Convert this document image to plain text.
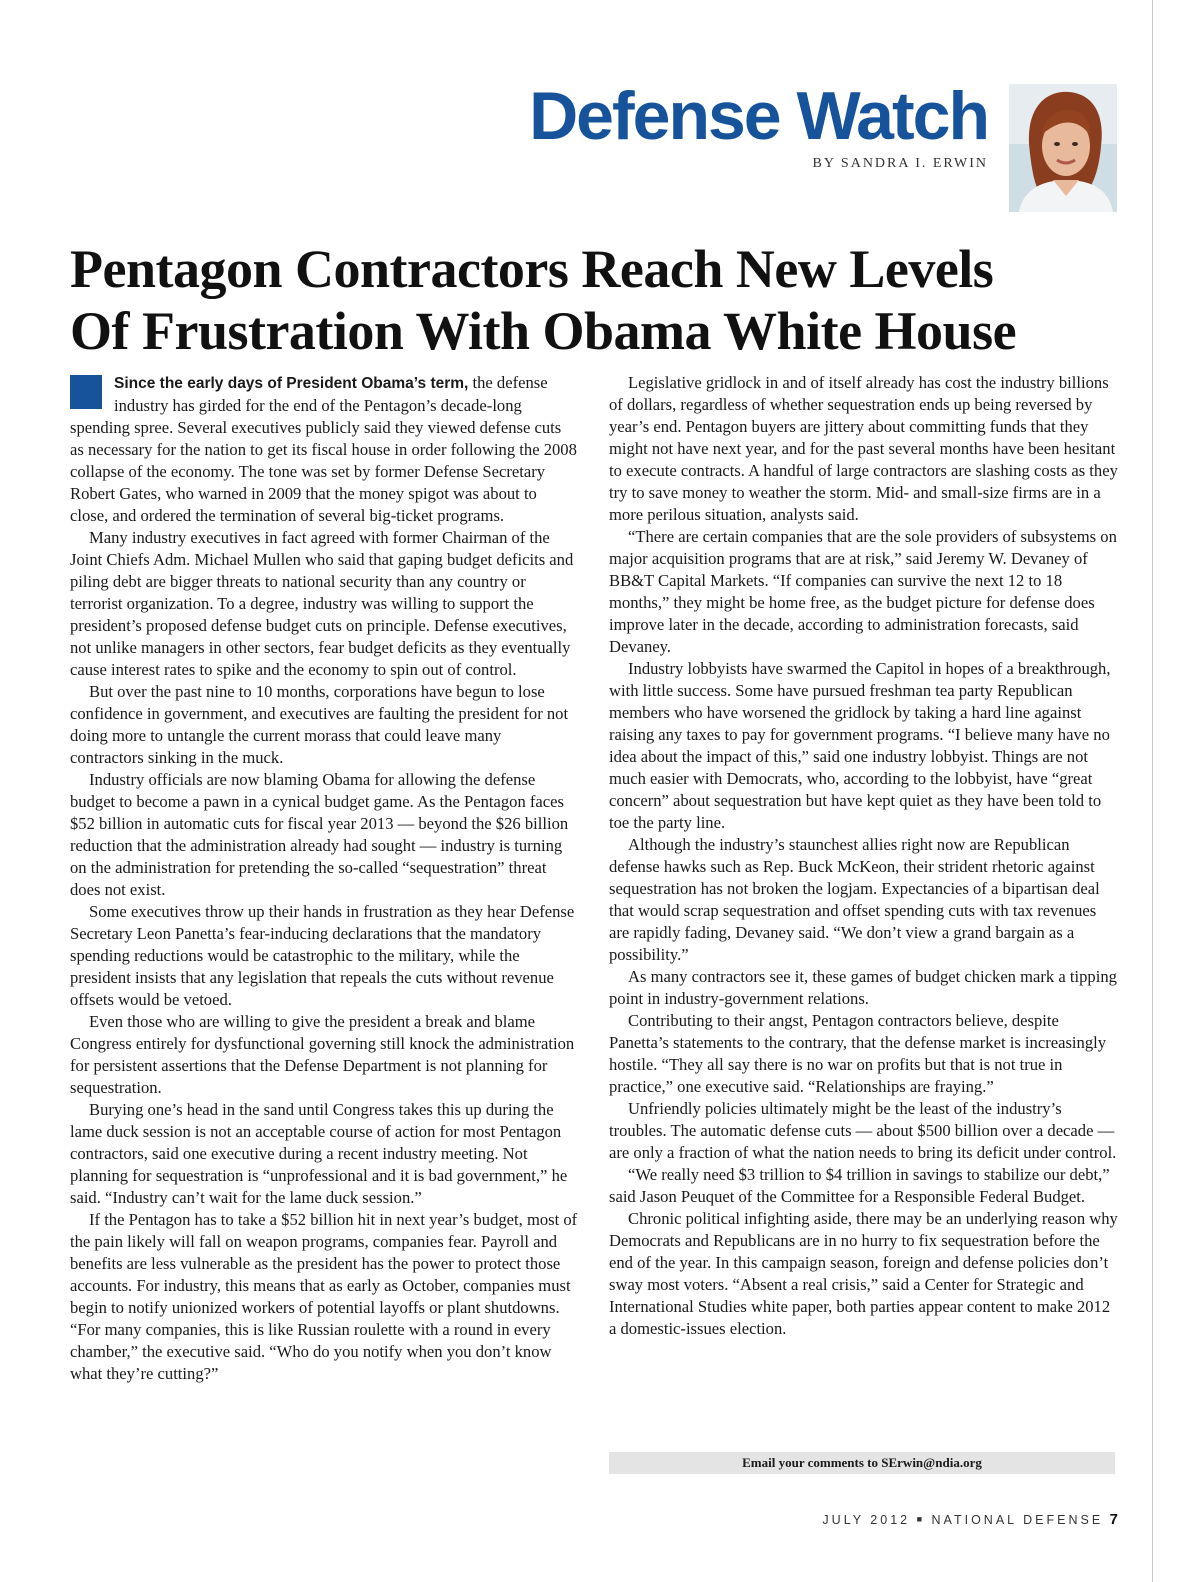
Defense Watch
BY SANDRA I. ERWIN
Pentagon Contractors Reach New Levels
Of Frustration With Obama White House

Since the early days of President Obama’s term, the defense industry has girded for the end of the Pentagon’s decade-long spending spree. Several executives publicly said they viewed defense cuts as necessary for the nation to get its fiscal house in order following the 2008 collapse of the economy. The tone was set by former Defense Secretary Robert Gates, who warned in 2009 that the money spigot was about to close, and ordered the termination of several big-ticket programs.

Many industry executives in fact agreed with former Chairman of the Joint Chiefs Adm. Michael Mullen who said that gaping budget deficits and piling debt are bigger threats to national security than any country or terrorist organization. To a degree, industry was willing to support the president’s proposed defense budget cuts on principle. Defense executives, not unlike managers in other sectors, fear budget deficits as they eventually cause interest rates to spike and the economy to spin out of control.

But over the past nine to 10 months, corporations have begun to lose confidence in government, and executives are faulting the president for not doing more to untangle the current morass that could leave many contractors sinking in the muck.

Industry officials are now blaming Obama for allowing the defense budget to become a pawn in a cynical budget game. As the Pentagon faces $52 billion in automatic cuts for fiscal year 2013 — beyond the $26 billion reduction that the administration already had sought — industry is turning on the administration for pretending the so-called “sequestration” threat does not exist.

Some executives throw up their hands in frustration as they hear Defense Secretary Leon Panetta’s fear-inducing declarations that the mandatory spending reductions would be catastrophic to the military, while the president insists that any legislation that repeals the cuts without revenue offsets would be vetoed.

Even those who are willing to give the president a break and blame Congress entirely for dysfunctional governing still knock the administration for persistent assertions that the Defense Department is not planning for sequestration.

Burying one’s head in the sand until Congress takes this up during the lame duck session is not an acceptable course of action for most Pentagon contractors, said one executive during a recent industry meeting. Not planning for sequestration is “unprofessional and it is bad government,” he said. “Industry can’t wait for the lame duck session.”

If the Pentagon has to take a $52 billion hit in next year’s budget, most of the pain likely will fall on weapon programs, companies fear. Payroll and benefits are less vulnerable as the president has the power to protect those accounts. For industry, this means that as early as October, companies must begin to notify unionized workers of potential layoffs or plant shutdowns. “For many companies, this is like Russian roulette with a round in every chamber,” the executive said. “Who do you notify when you don’t know what they’re cutting?”

Legislative gridlock in and of itself already has cost the industry billions of dollars, regardless of whether sequestration ends up being reversed by year’s end. Pentagon buyers are jittery about committing funds that they might not have next year, and for the past several months have been hesitant to execute contracts. A handful of large contractors are slashing costs as they try to save money to weather the storm. Mid- and small-size firms are in a more perilous situation, analysts said.

“There are certain companies that are the sole providers of subsystems on major acquisition programs that are at risk,” said Jeremy W. Devaney of BB&T Capital Markets. “If companies can survive the next 12 to 18 months,” they might be home free, as the budget picture for defense does improve later in the decade, according to administration forecasts, said Devaney.

Industry lobbyists have swarmed the Capitol in hopes of a breakthrough, with little success. Some have pursued freshman tea party Republican members who have worsened the gridlock by taking a hard line against raising any taxes to pay for government programs. “I believe many have no idea about the impact of this,” said one industry lobbyist. Things are not much easier with Democrats, who, according to the lobbyist, have “great concern” about sequestration but have kept quiet as they have been told to toe the party line.

Although the industry’s staunchest allies right now are Republican defense hawks such as Rep. Buck McKeon, their strident rhetoric against sequestration has not broken the logjam. Expectancies of a bipartisan deal that would scrap sequestration and offset spending cuts with tax revenues are rapidly fading, Devaney said. “We don’t view a grand bargain as a possibility.”

As many contractors see it, these games of budget chicken mark a tipping point in industry-government relations.

Contributing to their angst, Pentagon contractors believe, despite Panetta’s statements to the contrary, that the defense market is increasingly hostile. “They all say there is no war on profits but that is not true in practice,” one executive said. “Relationships are fraying.”

Unfriendly policies ultimately might be the least of the industry’s troubles. The automatic defense cuts — about $500 billion over a decade — are only a fraction of what the nation needs to bring its deficit under control.

“We really need $3 trillion to $4 trillion in savings to stabilize our debt,” said Jason Peuquet of the Committee for a Responsible Federal Budget.

Chronic political infighting aside, there may be an underlying reason why Democrats and Republicans are in no hurry to fix sequestration before the end of the year. In this campaign season, foreign and defense policies don’t sway most voters. “Absent a real crisis,” said a Center for Strategic and International Studies white paper, both parties appear content to make 2012 a domestic-issues election.

Email your comments to SErwin@ndia.org
JULY 2012 ■ NATIONAL DEFENSE 7
